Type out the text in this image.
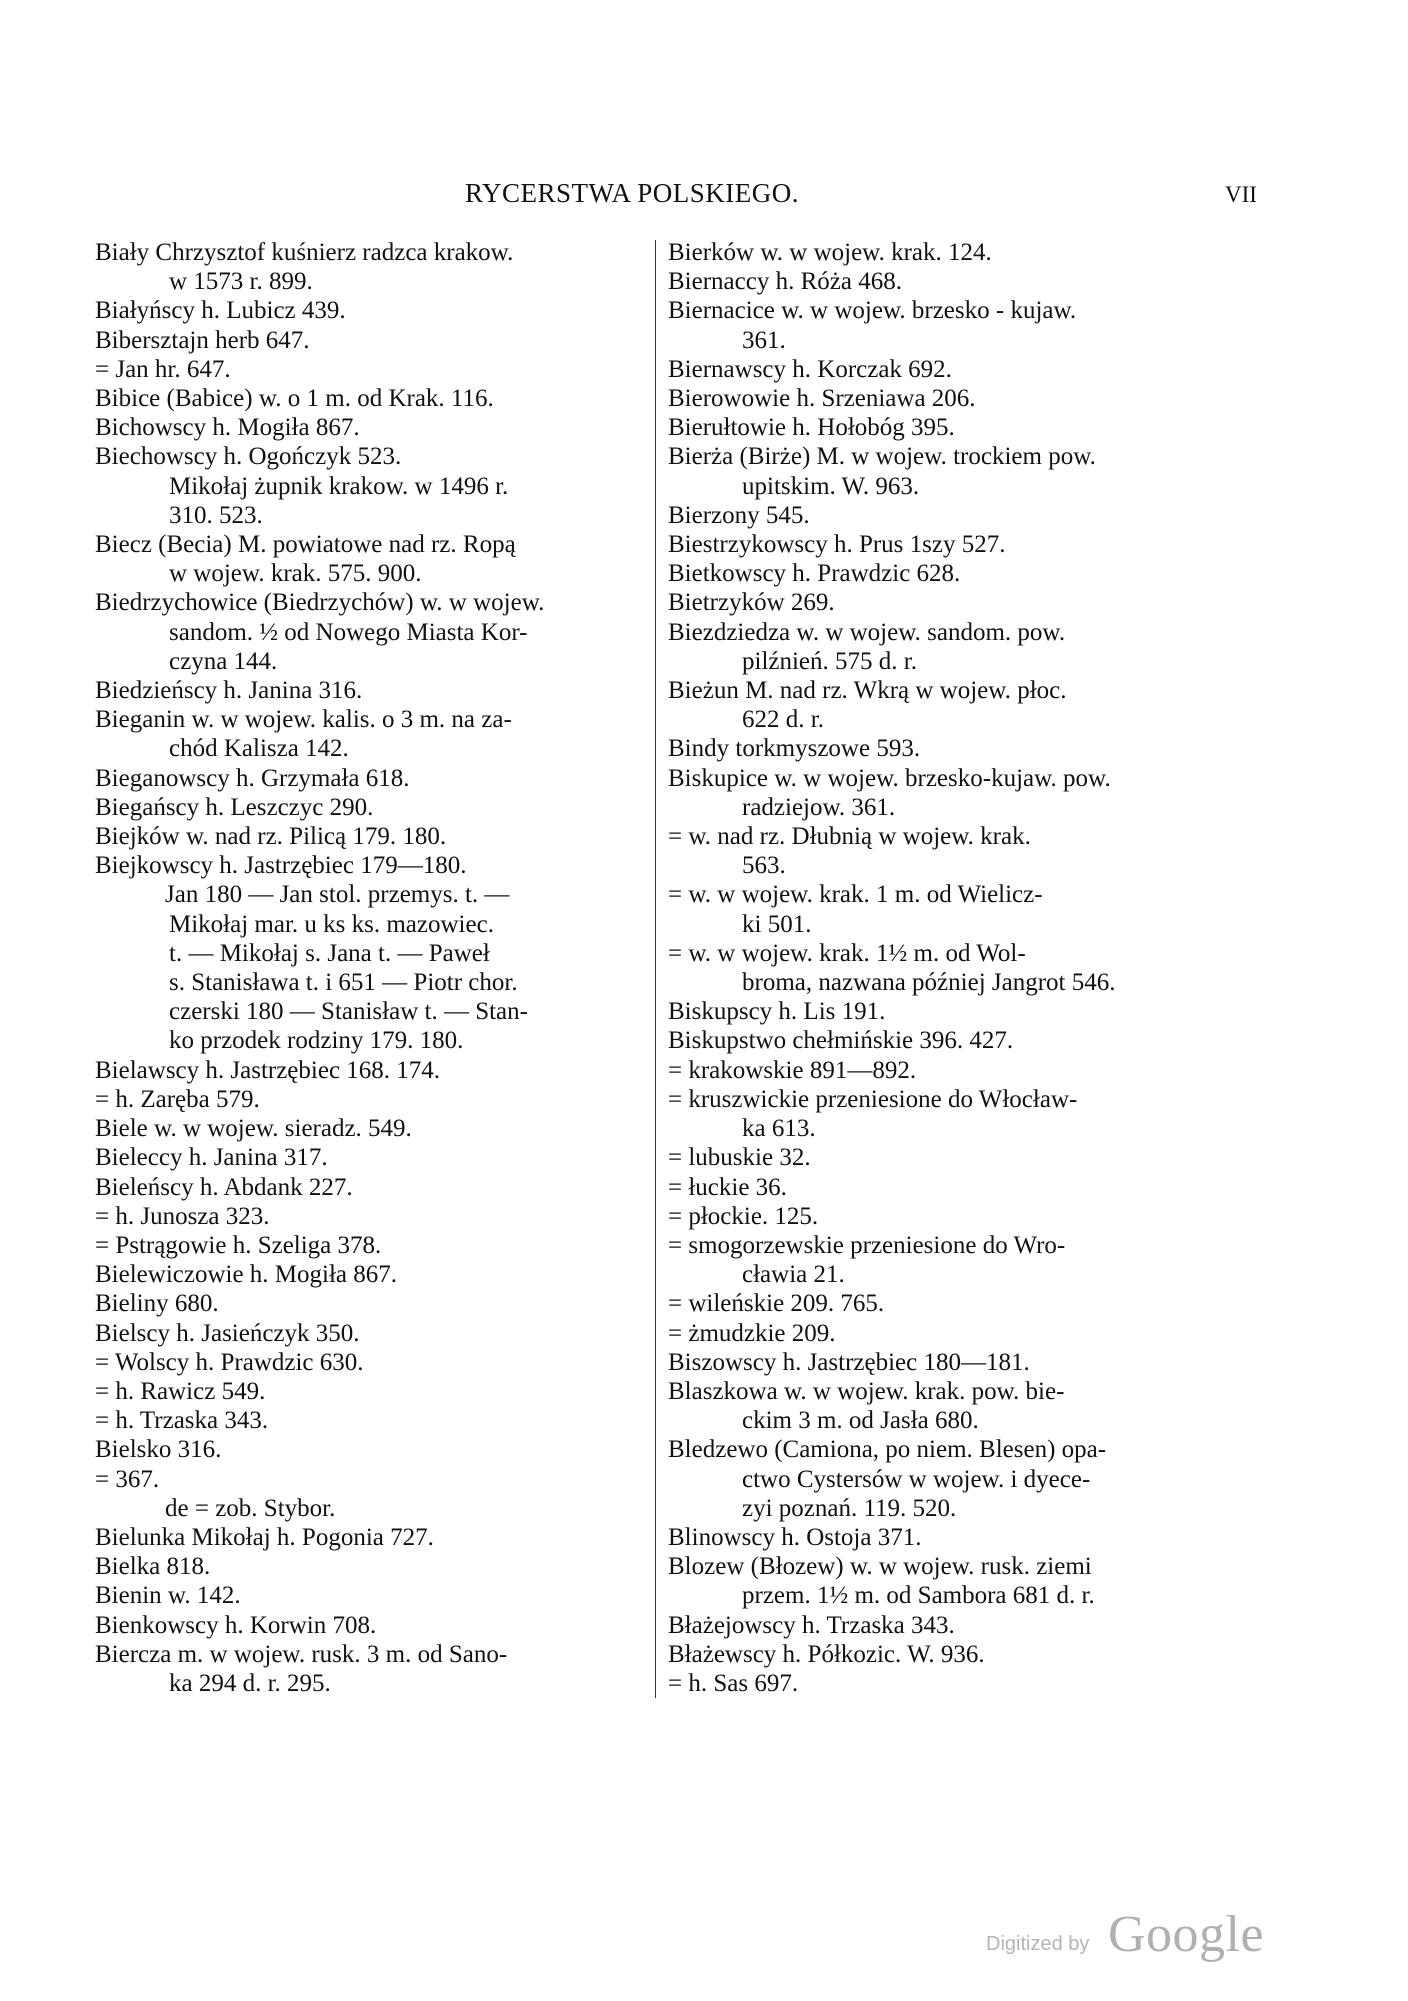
RYCERSTWA POLSKIEGO.	VII
Biały Chrzysztof kuśnierz radzca krakow.
w 1573 r. 899.
Białyńscy h. Lubicz 439.
Bibersztajn herb 647.
= Jan hr. 647.
Bibice (Babice) w. o 1 m. od Krak. 116.
Bichowscy h. Mogiła 867.
Biechowscy h. Ogończyk 523.
Mikołaj żupnik krakow. w 1496 r.
310. 523.
Biecz (Becia) M. powiatowe nad rz. Ropą
w wojew. krak. 575. 900.
Biedrzychowice (Biedrzychów) w. w wojew.
sandom. ½ od Nowego Miasta Kor-
czyna 144.
Biedzieńscy h. Janina 316.
Bieganin w. w wojew. kalis. o 3 m. na za-
chód Kalisza 142.
Bieganowscy h. Grzymała 618.
Biegańscy h. Leszczyc 290.
Biejków w. nad rz. Pilicą 179. 180.
Biejkowscy h. Jastrzębiec 179—180.
Jan 180 — Jan stol. przemys. t. —
Mikołaj mar. u ks ks. mazowiec.
t. — Mikołaj s. Jana t. — Paweł
s. Stanisława t. i 651 — Piotr chor.
czerski 180 — Stanisław t. — Stan-
ko przodek rodziny 179. 180.
Bielawscy h. Jastrzębiec 168. 174.
= h. Zaręba 579.
Biele w. w wojew. sieradz. 549.
Bieleccy h. Janina 317.
Bieleńscy h. Abdank 227.
= h. Junosza 323.
= Pstrągowie h. Szeliga 378.
Bielewiczowie h. Mogiła 867.
Bieliny 680.
Bielscy h. Jasieńczyk 350.
= Wolscy h. Prawdzic 630.
= h. Rawicz 549.
= h. Trzaska 343.
Bielsko 316.
= 367.
de = zob. Stybor.
Bielunka Mikołaj h. Pogonia 727.
Bielka 818.
Bienin w. 142.
Bienkowscy h. Korwin 708.
Biercza m. w wojew. rusk. 3 m. od Sano-
ka 294 d. r. 295.
Bierków w. w wojew. krak. 124.
Biernaccy h. Róża 468.
Biernacice w. w wojew. brzesko - kujaw.
361.
Biernawscy h. Korczak 692.
Bierowowie h. Srzeniawa 206.
Bierułtowie h. Hołobóg 395.
Bierża (Birże) M. w wojew. trockiem pow.
upitskim. W. 963.
Bierzony 545.
Biestrzykowscy h. Prus 1szy 527.
Bietkowscy h. Prawdzic 628.
Bietrzyków 269.
Biezdziedza w. w wojew. sandom. pow.
pilźnień. 575 d. r.
Bieżun M. nad rz. Wkrą w wojew. płoc.
622 d. r.
Bindy torkmyszowe 593.
Biskupice w. w wojew. brzesko-kujaw. pow.
radziejow. 361.
= w. nad rz. Dłubnią w wojew. krak.
563.
= w. w wojew. krak. 1 m. od Wielicz-
ki 501.
= w. w wojew. krak. 1½ m. od Wol-
broma, nazwana później Jangrot 546.
Biskupscy h. Lis 191.
Biskupstwo chełmińskie 396. 427.
= krakowskie 891—892.
= kruszwickie przeniesione do Włocław-
ka 613.
= lubuskie 32.
= łuckie 36.
= płockie. 125.
= smogorzewskie przeniesione do Wro-
cławia 21.
= wileńskie 209. 765.
= żmudzkie 209.
Biszowscy h. Jastrzębiec 180—181.
Blaszkowa w. w wojew. krak. pow. bie-
ckim 3 m. od Jasła 680.
Bledzewo (Camiona, po niem. Blesen) opa-
ctwo Cystersów w wojew. i dyece-
zyi poznań. 119. 520.
Blinowscy h. Ostoja 371.
Blozew (Błozew) w. w wojew. rusk. ziemi
przem. 1½ m. od Sambora 681 d. r.
Błażejowscy h. Trzaska 343.
Błażewscy h. Półkozic. W. 936.
= h. Sas 697.
Digitized by Google
